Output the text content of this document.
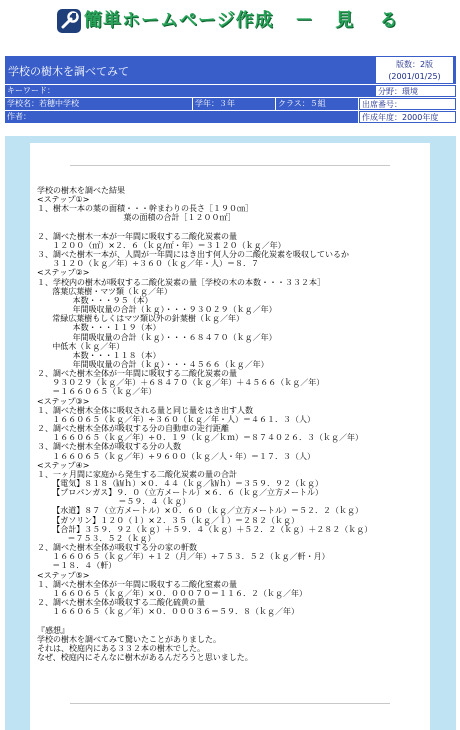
簡単ホームページ作成 － 見 る
学校の樹木を調べてみて
版数：2版
(2001/01/25)
キーワード：	分野：環境
学校名：若穂中学校	学年：３年	クラス：５組	出席番号：
作者：	作成年度：2000年度
学校の樹木を調べた結果
<ステップ①>
１、樹木一本の葉の面積・・・幹まわりの長さ［１９０㎝］
葉の面積の合計［１２００㎡］

２、調べた樹木一本が一年間に吸収する二酸化炭素の量
１２００（㎡）×２．６（ｋｇ/㎡・年）＝３１２０（ｋｇ／年）
３、調べた樹木一本が、人間が一年間にはき出す何人分の二酸化炭素を吸収しているか
３１２０（ｋｇ／年）÷３６０（ｋｇ／年・人）＝８．７
<ステップ②>
１、学校内の樹木が吸収する二酸化炭素の量［学校の木の本数・・・３３２本］
落葉広葉樹・マツ類（ｋｇ／年）
本数・・・９５（本）
年間吸収量の合計（ｋｇ）・・・９３０２９（ｋｇ／年）
常緑広葉樹もしくはマツ類以外の針葉樹（ｋｇ／年）
本数・・・１１９（本）
年間吸収量の合計（ｋｇ）・・・６８４７０（ｋｇ／年）
中低木（ｋｇ／年）
本数・・・１１８（本）
年間吸収量の合計（ｋｇ）・・・４５６６（ｋｇ／年）
２、調べた樹木全体が一年間に吸収する二酸化炭素の量
９３０２９（ｋｇ／年）＋６８４７０（ｋｇ／年）＋４５６６（ｋｇ／年）
＝１６６０６５（ｋｇ／年）
<ステップ③>
１、調べた樹木全体に吸収される量と同じ量をはき出す人数
１６６０６５（ｋｇ／年）÷３６０（ｋｇ／年・人）＝４６１．３（人）
２、調べた樹木全体が吸収する分の自動車の走行距離
１６６０６５（ｋｇ／年）÷０．１９（ｋｇ／ｋｍ）＝８７４０２６．３（ｋｇ／年）
３、調べた樹木全体が吸収する分の人数
１６６０６５（ｋｇ／年）÷９６００（ｋｇ／人・年）＝１７．３（人）
<ステップ④>
１、一ヶ月間に家庭から発生する二酸化炭素の量の合計
【電気】８１８（㎾ｈ）×０．４４（ｋｇ／㎾ｈ）＝３５９．９２（ｋｇ）
【プロパンガス】９．０（立方メートル）×６．６（ｋｇ／立方メートル）
＝５９．４（ｋｇ）
【水道】８７（立方メートル）×０．６０（ｋｇ／立方メートル）＝５２．２（ｋｇ）
【ガソリン】１２０（ｌ）×２．３５（ｋｇ／ｌ）＝２８２（ｋｇ）
【合計】３５９．９２（ｋｇ）＋５９．４（ｋｇ）＋５２．２（ｋｇ）＋２８２（ｋｇ）
＝７５３．５２（ｋｇ）
２、調べた樹木全体が吸収する分の家の軒数
１６６０６５（ｋｇ／年）÷１２（月／年）÷７５３．５２（ｋｇ／軒・月）
＝１８．４（軒）
<ステップ⑤>
１、調べた樹木全体が一年間に吸収する二酸化窒素の量
１６６０６５（ｋｇ／年）×０．０００７０＝１１６．２（ｋｇ／年）
２、調べた樹木全体が吸収する二酸化硫黄の量
１６６０６５（ｋｇ／年）×０．０００３６＝５９．８（ｋｇ／年）

『感想』
学校の樹木を調べてみて驚いたことがありました。
それは、校庭内にある３３２本の樹木でした。
なぜ、校庭内にそんなに樹木があるんだろうと思いました。
